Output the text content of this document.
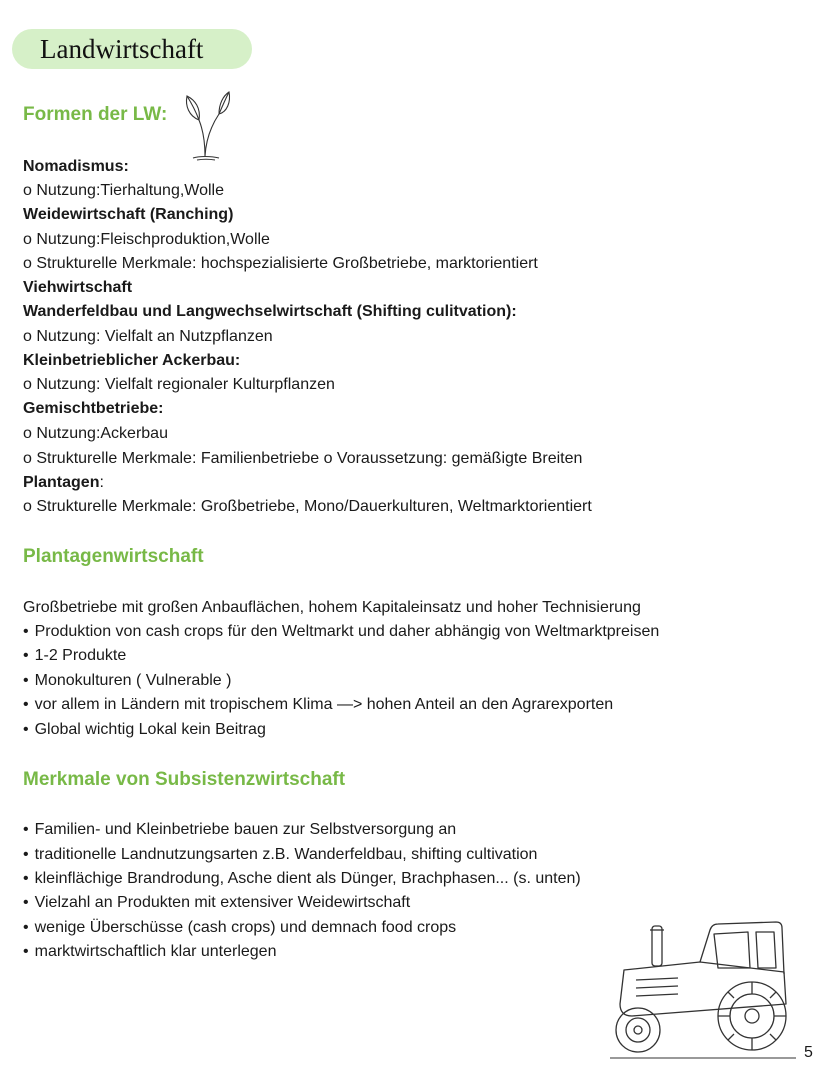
Landwirtschaft
Formen der LW:
Nomadismus:
o Nutzung:Tierhaltung,Wolle
Weidewirtschaft (Ranching)
o Nutzung:Fleischproduktion,Wolle
o Strukturelle Merkmale: hochspezialisierte Großbetriebe, marktorientiert
Viehwirtschaft
Wanderfeldbau und Langwechselwirtschaft (Shifting culitvation):
o Nutzung: Vielfalt an Nutzpflanzen
Kleinbetrieblicher Ackerbau:
o Nutzung: Vielfalt regionaler Kulturpflanzen
Gemischtbetriebe:
o Nutzung:Ackerbau
o Strukturelle Merkmale: Familienbetriebe o Voraussetzung: gemäßigte Breiten
Plantagen:
o Strukturelle Merkmale: Großbetriebe, Mono/Dauerkulturen, Weltmarktorientiert
Plantagenwirtschaft
Großbetriebe mit großen Anbauflächen, hohem Kapitaleinsatz und hoher Technisierung
• Produktion von cash crops für den Weltmarkt und daher abhängig von Weltmarktpreisen
• 1-2 Produkte
• Monokulturen ( Vulnerable )
• vor allem in Ländern mit tropischem Klima —> hohen Anteil an den Agrarexporten
• Global wichtig Lokal kein Beitrag
Merkmale von Subsistenzwirtschaft
• Familien- und Kleinbetriebe bauen zur Selbstversorgung an
• traditionelle Landnutzungsarten z.B. Wanderfeldbau, shifting cultivation
• kleinflächige Brandrodung, Asche dient als Dünger, Brachphasen... (s. unten)
• Vielzahl an Produkten mit extensiver Weidewirtschaft
• wenige Überschüsse (cash crops) und demnach food crops
• marktwirtschaftlich klar unterlegen
5
